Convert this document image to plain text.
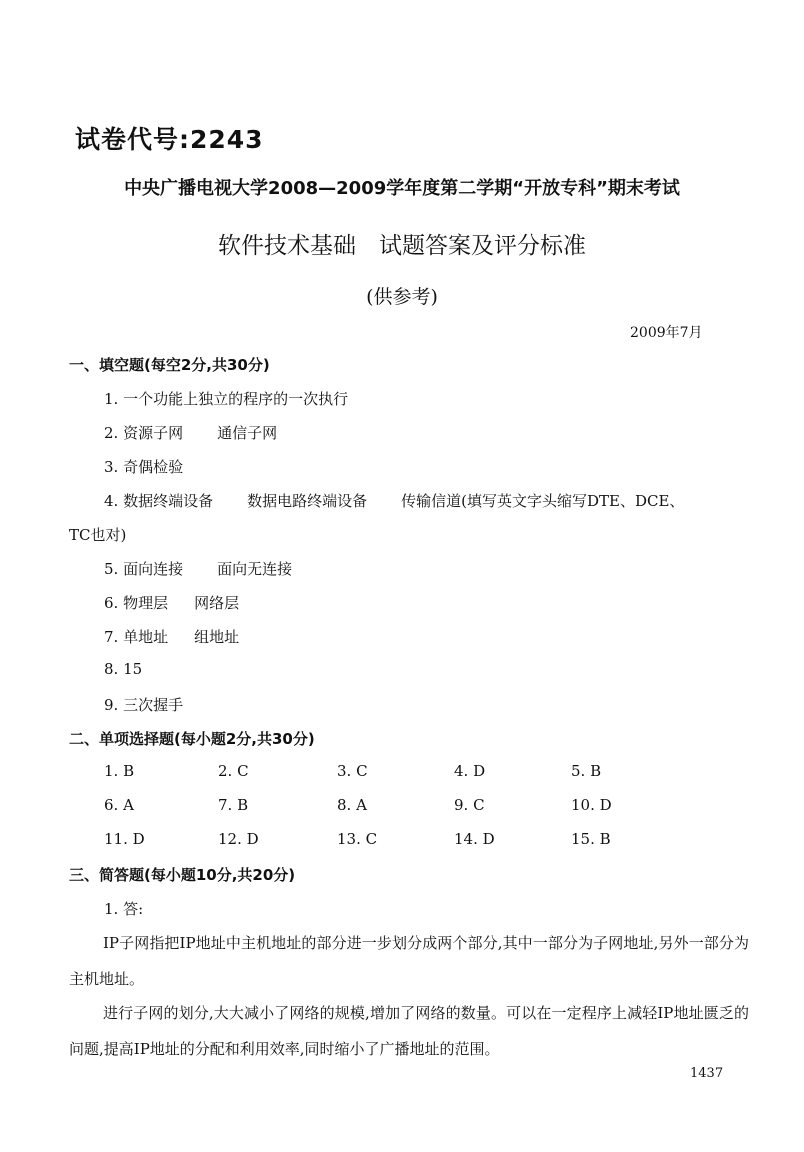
试卷代号:2243
中央广播电视大学2008—2009学年度第二学期“开放专科”期末考试
软件技术基础　试题答案及评分标准
(供参考)
2009年7月
一、填空题(每空2分,共30分)
1. 一个功能上独立的程序的一次执行
2. 资源子网 通信子网
3. 奇偶检验
4. 数据终端设备 数据电路终端设备 传输信道(填写英文字头缩写DTE、DCE、
TC也对)
5. 面向连接 面向无连接
6. 物理层 网络层
7. 单地址 组地址
8. 15
9. 三次握手
二、单项选择题(每小题2分,共30分)
1. B	2. C	3. C	4. D	5. B
6. A	7. B	8. A	9. C	10. D
11. D	12. D	13. C	14. D	15. B
三、简答题(每小题10分,共20分)
1. 答:
IP子网指把IP地址中主机地址的部分进一步划分成两个部分,其中一部分为子网地址,另外一部分为主机地址。
进行子网的划分,大大减小了网络的规模,增加了网络的数量。可以在一定程序上减轻IP地址匮乏的问题,提高IP地址的分配和利用效率,同时缩小了广播地址的范围。
1437
